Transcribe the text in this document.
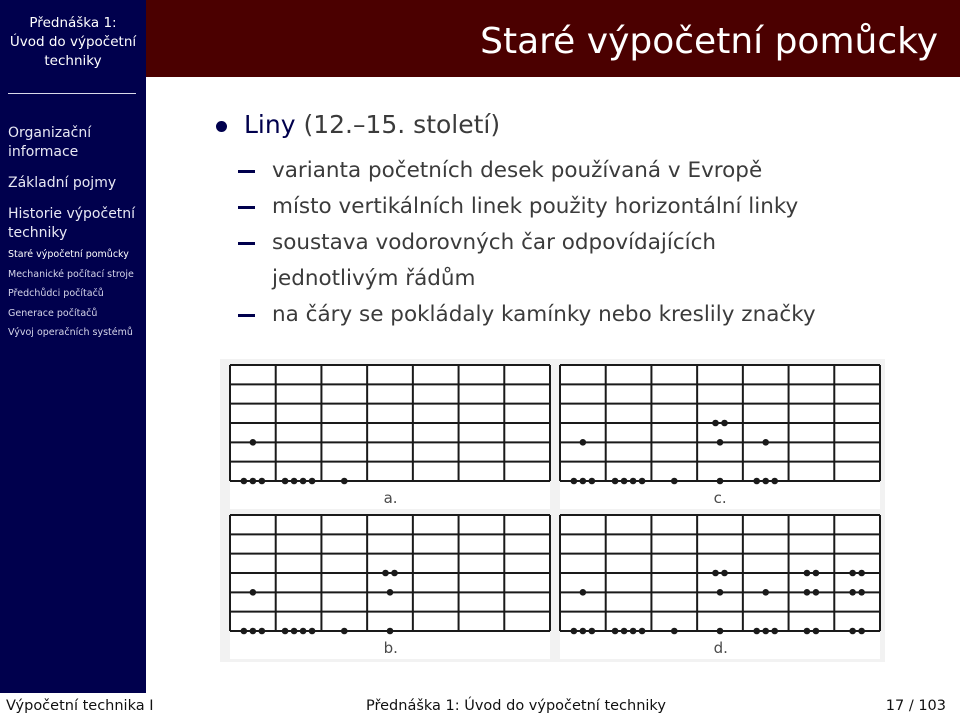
Přednáška 1:
Úvod do výpočetní
techniky
Organizační
informace
Základní pojmy
Historie výpočetní
techniky
Staré výpočetní pomůcky
Mechanické počítací stroje
Předchůdci počítačů
Generace počítačů
Vývoj operačních systémů
Staré výpočetní pomůcky
Liny (12.–15. století)
varianta početních desek používaná v Evropě
místo vertikálních linek použity horizontální linky
soustava vodorovných čar odpovídajících
jednotlivým řádům
na čáry se pokládaly kamínky nebo kreslily značky
a.
b.
c.
d.
Výpočetní technika I	Přednáška 1: Úvod do výpočetní techniky	17 / 103
